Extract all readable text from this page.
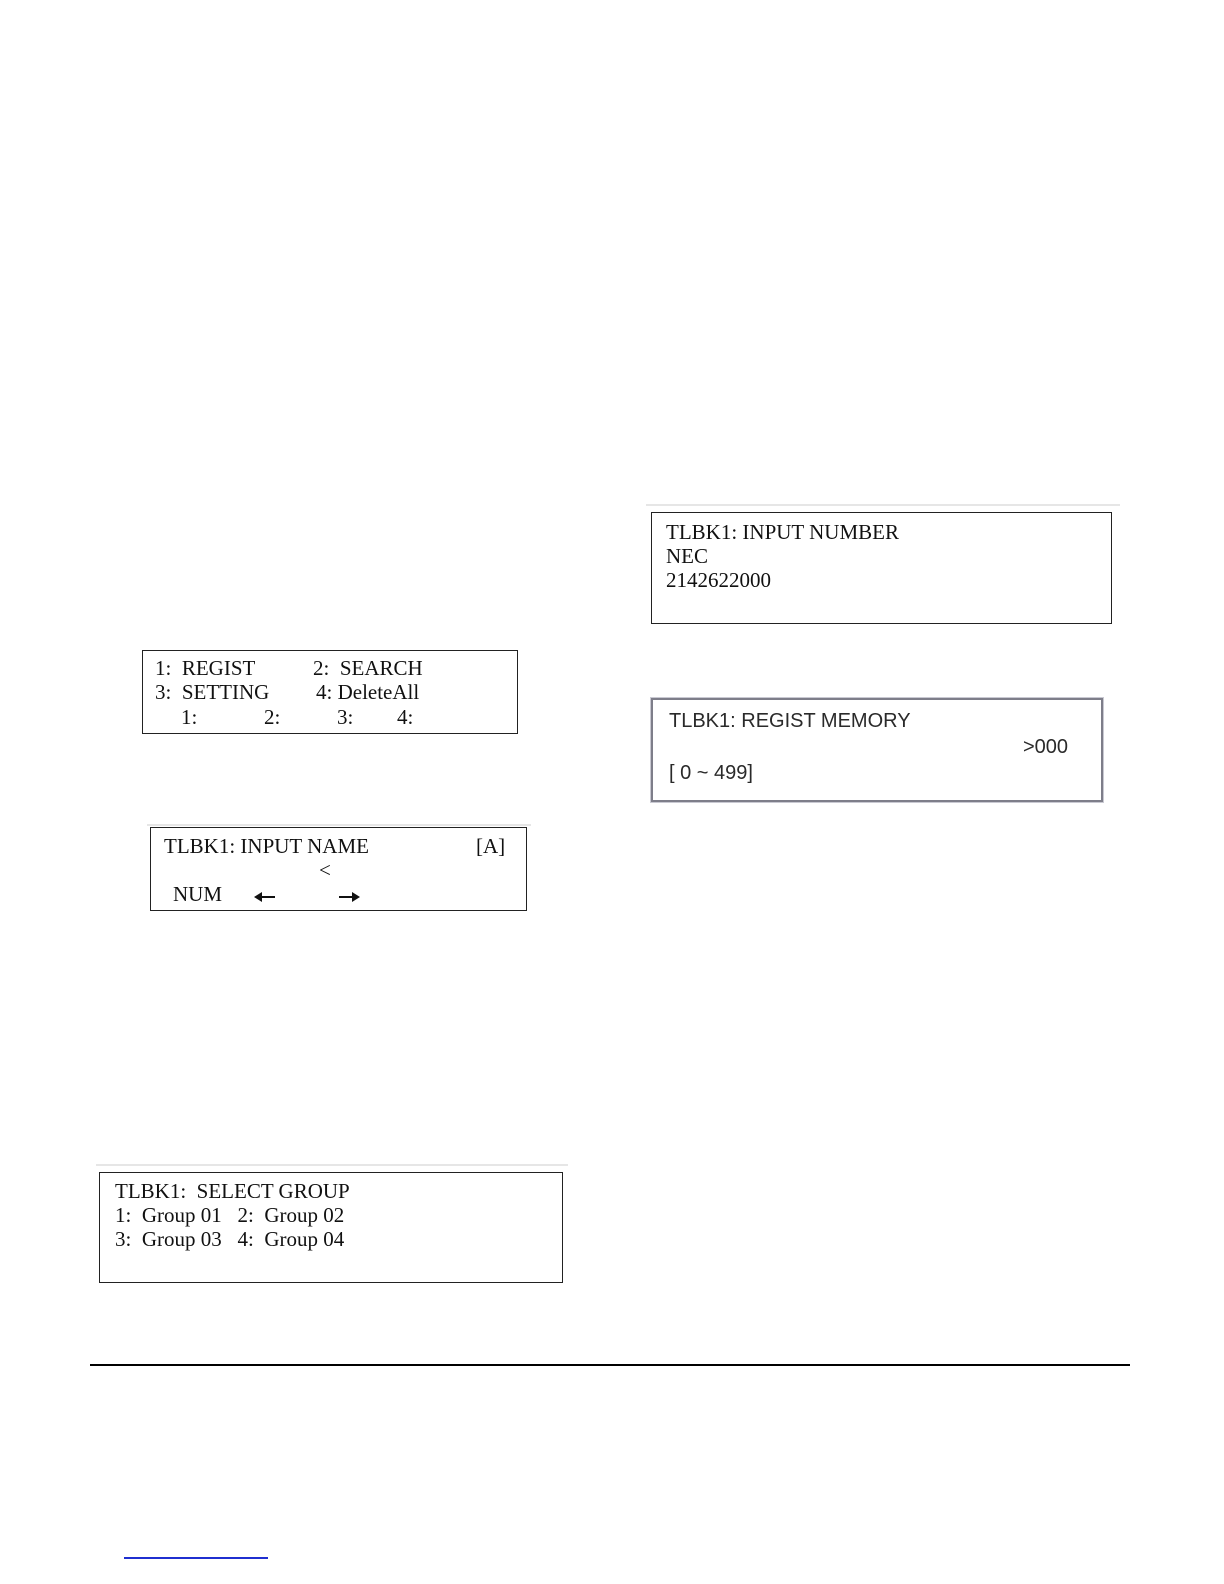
1:  REGIST	2:  SEARCH
3:  SETTING 4: DeleteAll
1:	2:	3: 4:
TLBK1: INPUT NAME	[A]
<
NUM
TLBK1:  SELECT GROUP
1:  Group 01   2:  Group 02
3:  Group 03   4:  Group 04
TLBK1: INPUT NUMBER
NEC
2142622000
TLBK1: REGIST MEMORY
>000
[ 0 ~ 499]
